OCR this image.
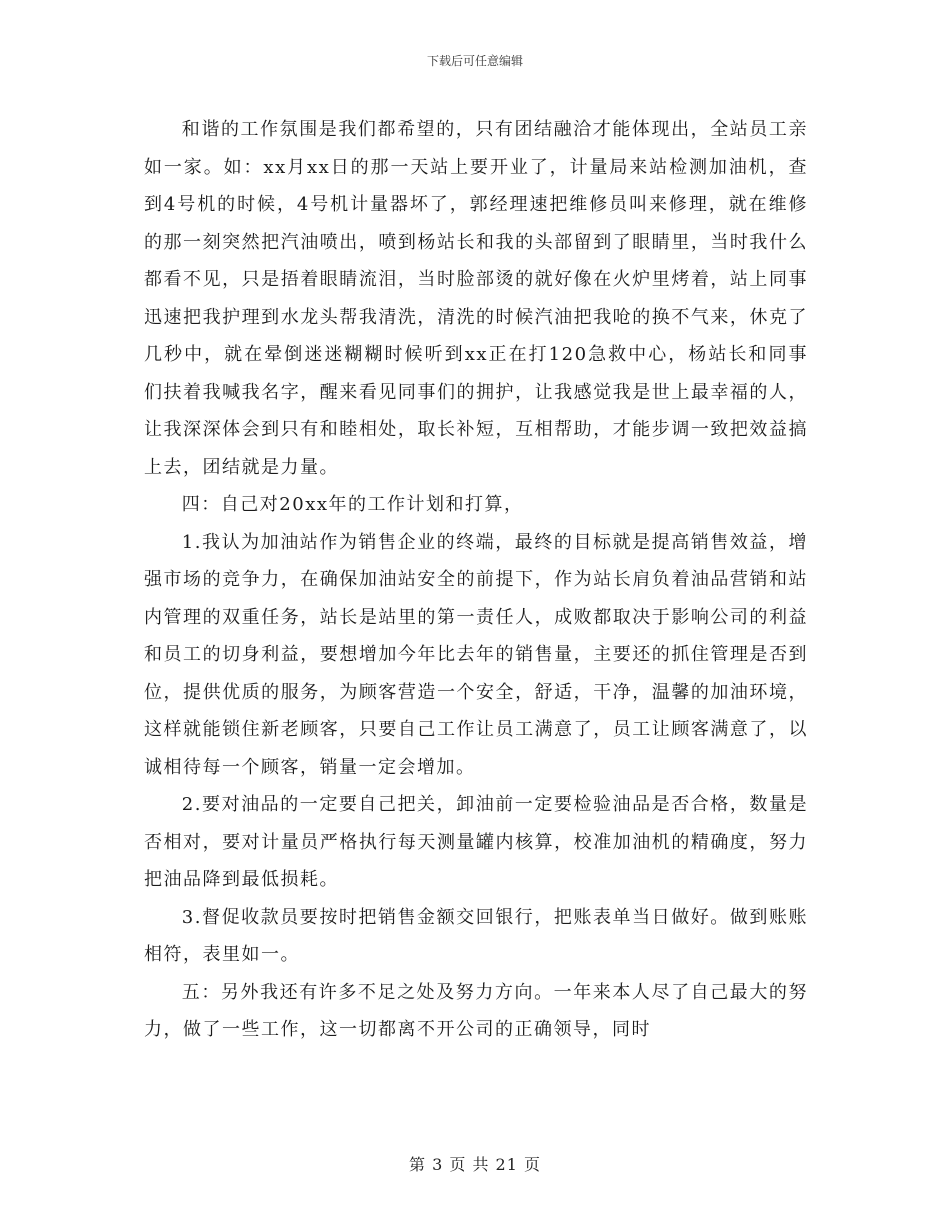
下载后可任意编辑

和谐的工作氛围是我们都希望的，只有团结融洽才能体现出，全站员工亲如一家。如：xx月xx日的那一天站上要开业了，计量局来站检测加油机，查到4号机的时候，4号机计量器坏了，郭经理速把维修员叫来修理，就在维修的那一刻突然把汽油喷出，喷到杨站长和我的头部留到了眼睛里，当时我什么都看不见，只是捂着眼睛流泪，当时脸部烫的就好像在火炉里烤着，站上同事迅速把我护理到水龙头帮我清洗，清洗的时候汽油把我呛的换不气来，休克了几秒中，就在晕倒迷迷糊糊时候听到xx正在打120急救中心，杨站长和同事们扶着我喊我名字，醒来看见同事们的拥护，让我感觉我是世上最幸福的人，让我深深体会到只有和睦相处，取长补短，互相帮助，才能步调一致把效益搞上去，团结就是力量。

四：自己对20xx年的工作计划和打算，

1.我认为加油站作为销售企业的终端，最终的目标就是提高销售效益，增强市场的竞争力，在确保加油站安全的前提下，作为站长肩负着油品营销和站内管理的双重任务，站长是站里的第一责任人，成败都取决于影响公司的利益和员工的切身利益，要想增加今年比去年的销售量，主要还的抓住管理是否到位，提供优质的服务，为顾客营造一个安全，舒适，干净，温馨的加油环境，这样就能锁住新老顾客，只要自己工作让员工满意了，员工让顾客满意了，以诚相待每一个顾客，销量一定会增加。

2.要对油品的一定要自己把关，卸油前一定要检验油品是否合格，数量是否相对，要对计量员严格执行每天测量罐内核算，校准加油机的精确度，努力把油品降到最低损耗。

3.督促收款员要按时把销售金额交回银行，把账表单当日做好。做到账账相符，表里如一。

五：另外我还有许多不足之处及努力方向。一年来本人尽了自己最大的努力，做了一些工作，这一切都离不开公司的正确领导，同时

第 3 页 共 21 页
